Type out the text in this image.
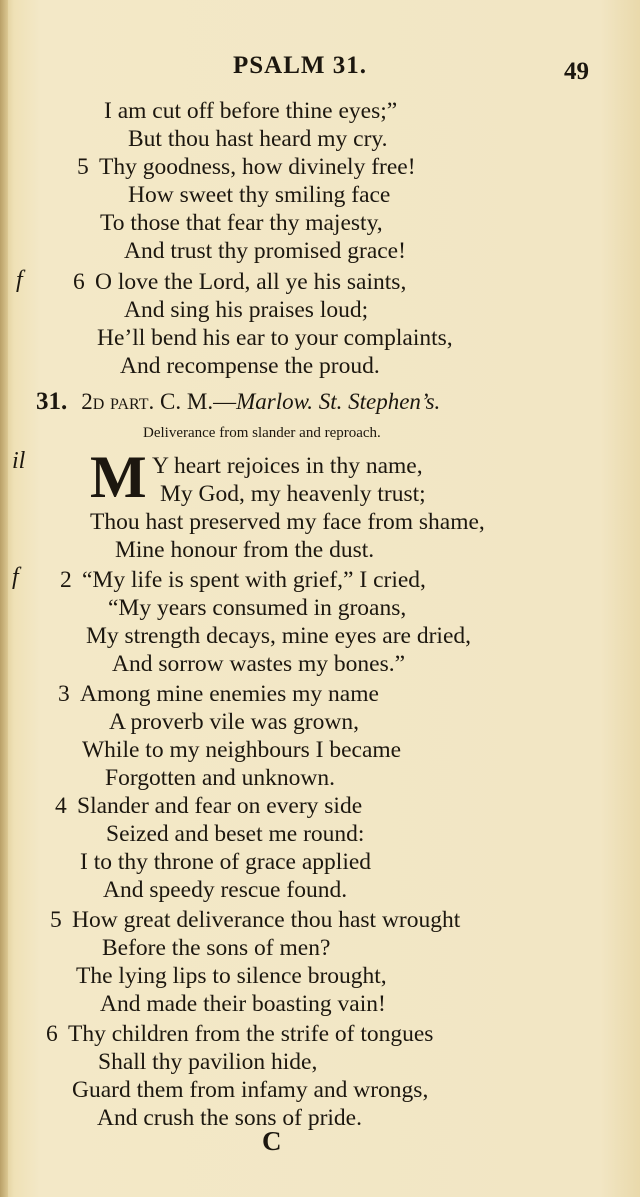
PSALM 31.	49
I am cut off before thine eyes;”
But thou hast heard my cry.
5 Thy goodness, how divinely free!
How sweet thy smiling face
To those that fear thy majesty,
And trust thy promised grace!
f 6 O love the Lord, all ye his saints,
And sing his praises loud;
He’ll bend his ear to your complaints,
And recompense the proud.
31. 2d part. C. M.—Marlow. St. Stephen’s.
Deliverance from slander and reproach.
il M Y heart rejoices in thy name,
My God, my heavenly trust;
Thou hast preserved my face from shame,
Mine honour from the dust.
f 2 “My life is spent with grief,” I cried,
“My years consumed in groans,
My strength decays, mine eyes are dried,
And sorrow wastes my bones.”
3 Among mine enemies my name
A proverb vile was grown,
While to my neighbours I became
Forgotten and unknown.
4 Slander and fear on every side
Seized and beset me round:
I to thy throne of grace applied
And speedy rescue found.
5 How great deliverance thou hast wrought
Before the sons of men?
The lying lips to silence brought,
And made their boasting vain!
6 Thy children from the strife of tongues
Shall thy pavilion hide,
Guard them from infamy and wrongs,
And crush the sons of pride.
C
